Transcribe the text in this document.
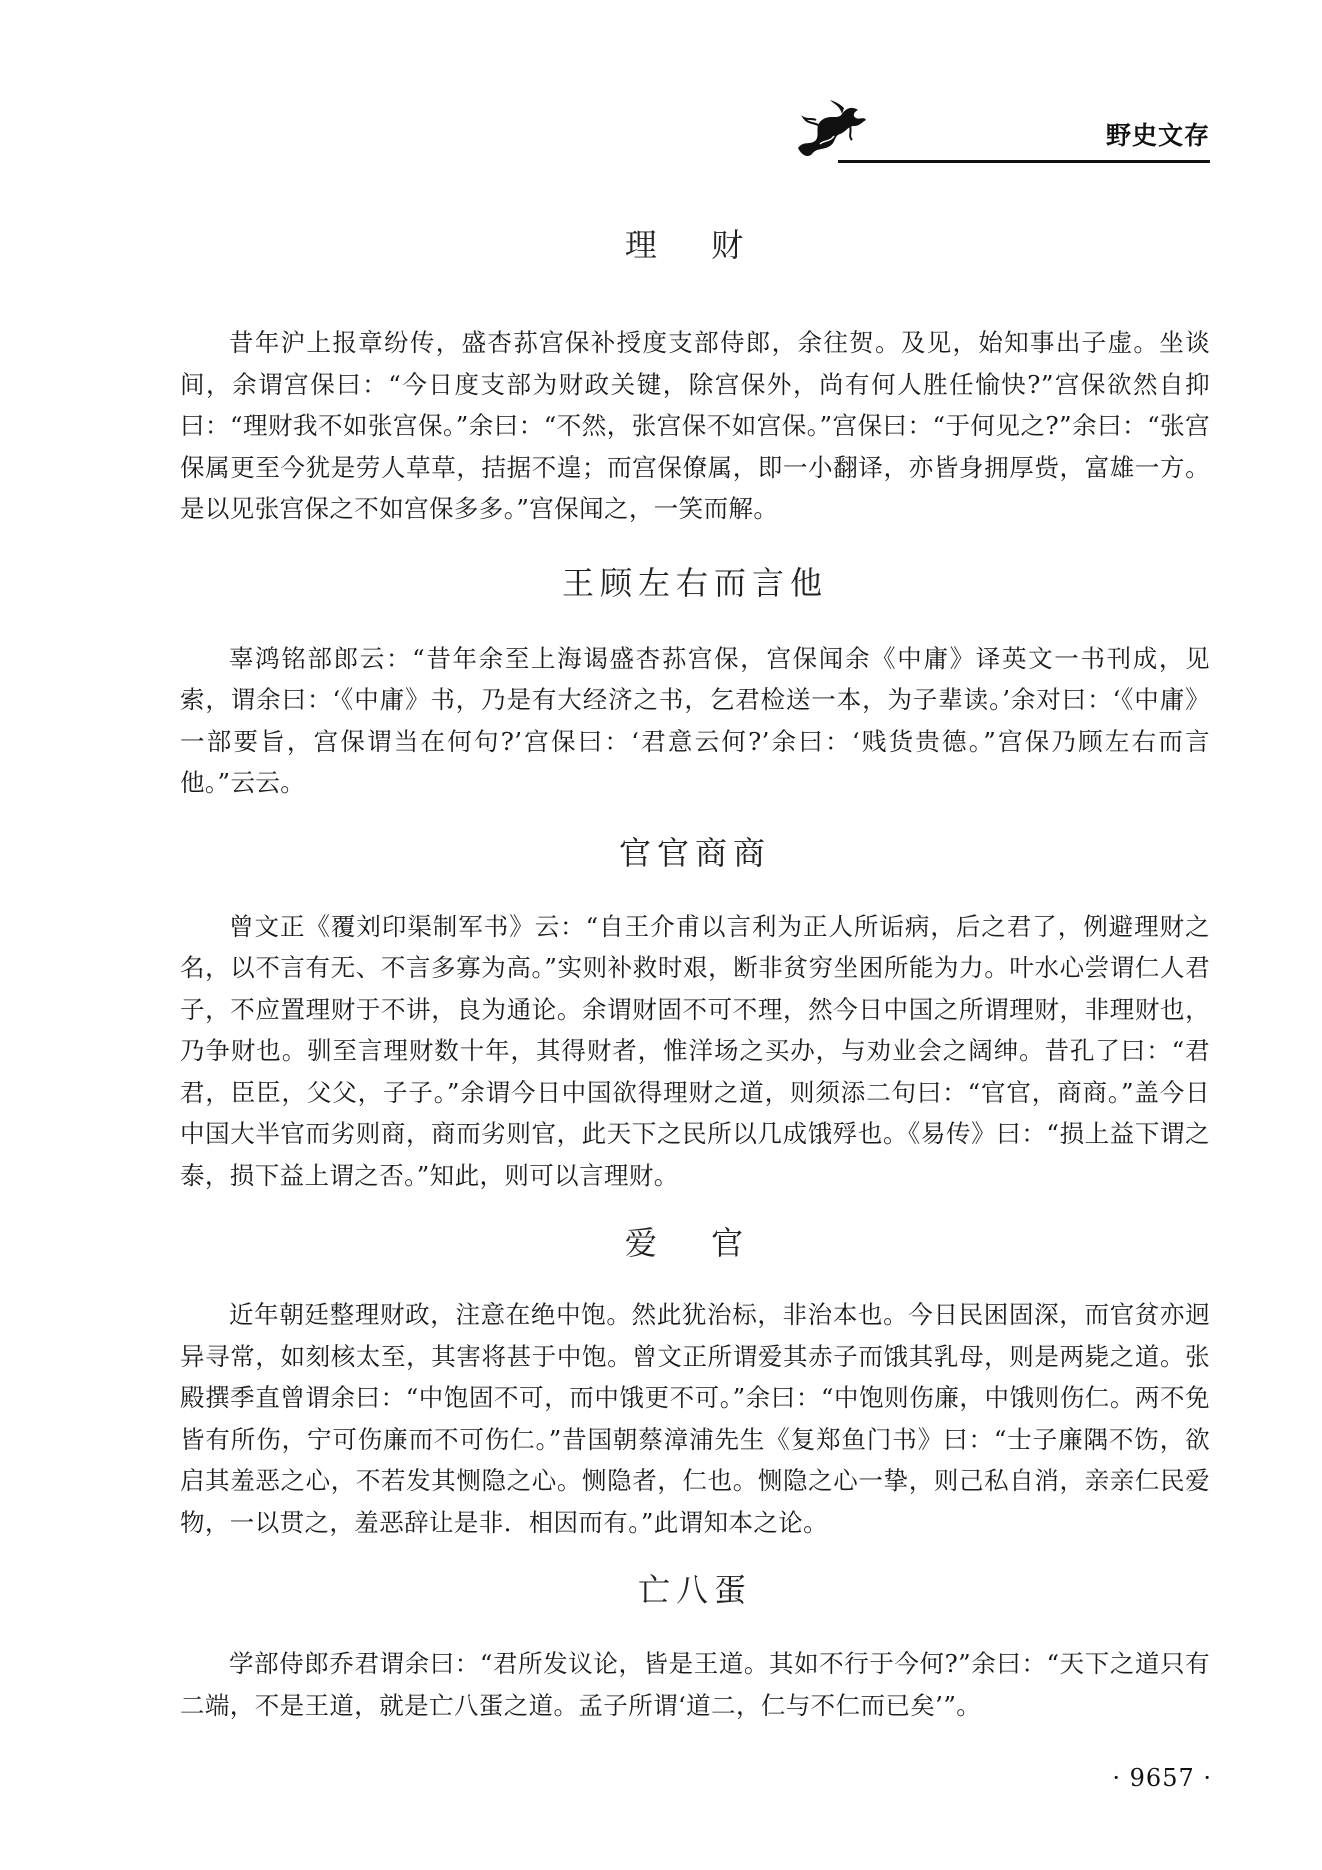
野史文存
理 财

昔年沪上报章纷传，盛杏荪宫保补授度支部侍郎，余往贺。及见，始知事出子虚。坐谈间，余谓宫保曰：“今日度支部为财政关键，除宫保外，尚有何人胜任愉快?”宫保欲然自抑曰：“理财我不如张宫保。”余曰：“不然，张宫保不如宫保。”宫保曰：“于何见之?”余曰：“张宫保属更至今犹是劳人草草，拮据不遑；而宫保僚属，即一小翻译，亦皆身拥厚赀，富雄一方。是以见张宫保之不如宫保多多。”宫保闻之，一笑而解。

王顾左右而言他

辜鸿铭部郎云：“昔年余至上海谒盛杏荪宫保，宫保闻余《中庸》译英文一书刊成，见索，谓余曰：‘《中庸》书，乃是有大经济之书，乞君检送一本，为子辈读。’余对曰：‘《中庸》一部要旨，宫保谓当在何句?’宫保曰：‘君意云何?’余曰：‘贱货贵德。”宫保乃顾左右而言他。”云云。

官官商商

曾文正《覆刘印渠制军书》云：“自王介甫以言利为正人所诟病，后之君了，例避理财之名，以不言有无、不言多寡为高。”实则补救时艰，断非贫穷坐困所能为力。叶水心尝谓仁人君子，不应置理财于不讲，良为通论。余谓财固不可不理，然今日中国之所谓理财，非理财也，乃争财也。驯至言理财数十年，其得财者，惟洋场之买办，与劝业会之阔绅。昔孔了曰：“君君，臣臣，父父，子子。”余谓今日中国欲得理财之道，则须添二句曰：“官官，商商。”盖今日中国大半官而劣则商，商而劣则官，此天下之民所以几成饿殍也。《易传》曰：“损上益下谓之泰，损下益上谓之否。”知此，则可以言理财。

爱 官

近年朝廷整理财政，注意在绝中饱。然此犹治标，非治本也。今日民困固深，而官贫亦迥异寻常，如刻核太至，其害将甚于中饱。曾文正所谓爱其赤子而饿其乳母，则是两毙之道。张殿撰季直曾谓余曰：“中饱固不可，而中饿更不可。”余曰：“中饱则伤廉，中饿则伤仁。两不免皆有所伤，宁可伤廉而不可伤仁。”昔国朝蔡漳浦先生《复郑鱼门书》曰：“士子廉隅不饬，欲启其羞恶之心，不若发其恻隐之心。恻隐者，仁也。恻隐之心一挚，则己私自消，亲亲仁民爱物，一以贯之，羞恶辞让是非．相因而有。”此谓知本之论。

亡八蛋

学部侍郎乔君谓余曰：“君所发议论，皆是王道。其如不行于今何?”余曰：“天下之道只有二端，不是王道，就是亡八蛋之道。孟子所谓‘道二，仁与不仁而已矣’”。

· 9657 ·
